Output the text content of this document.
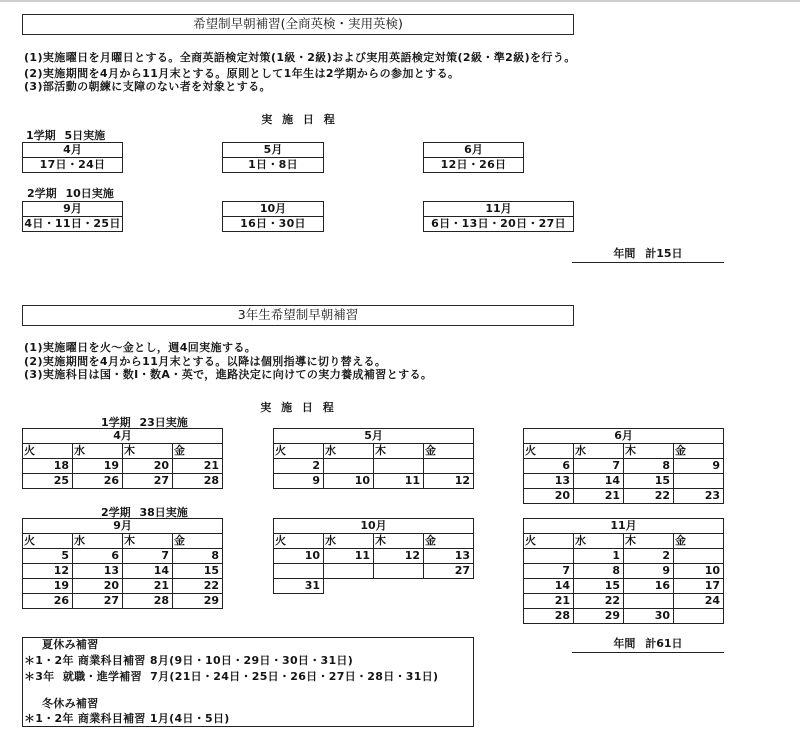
希望制早朝補習(全商英検・実用英検)
(1)実施曜日を月曜日とする。全商英語検定対策(1級・2級)および実用英語検定対策(2級・準2級)を行う。
(2)実施期間を4月から11月末とする。原則として1年生は2学期からの参加とする。
(3)部活動の朝練に支障のない者を対象とする。
実 施 日 程
1学期 5日実施
4月
17日・24日
5月
1日・8日
6月
12日・26日
2学期 10日実施
9月
4日・11日・25日
10月
16日・30日
11月
6日・13日・20日・27日
年間 計15日
3年生希望制早朝補習
(1)実施曜日を火～金とし，週4回実施する。
(2)実施期間を4月から11月末とする。以降は個別指導に切り替える。
(3)実施科目は国・数Ⅰ・数A・英で，進路決定に向けての実力養成補習とする。
実 施 日 程
1学期 23日実施
4月			
火	水	木	金
18	19	20	21
25	26	27	28
5月			
火	水	木	金
2			
9	10	11	12
6月			
火	水	木	金
6	7	8	9
13	14	15	
20	21	22	23
2学期 38日実施
9月			
火	水	木	金
5	6	7	8
12	13	14	15
19	20	21	22
26	27	28	29
10月			
火	水	木	金
10	11	12	13
			27
31			
11月			
火	水	木	金
	1	2	
7	8	9	10
14	15	16	17
21	22		24
28	29	30	
年間 計61日
夏休み補習
＊1・2年 商業科目補習 8月(9日・10日・29日・30日・31日)
＊3年  就職・進学補習  7月(21日・24日・25日・26日・27日・28日・31日)
冬休み補習
＊1・2年 商業科目補習 1月(4日・5日)
